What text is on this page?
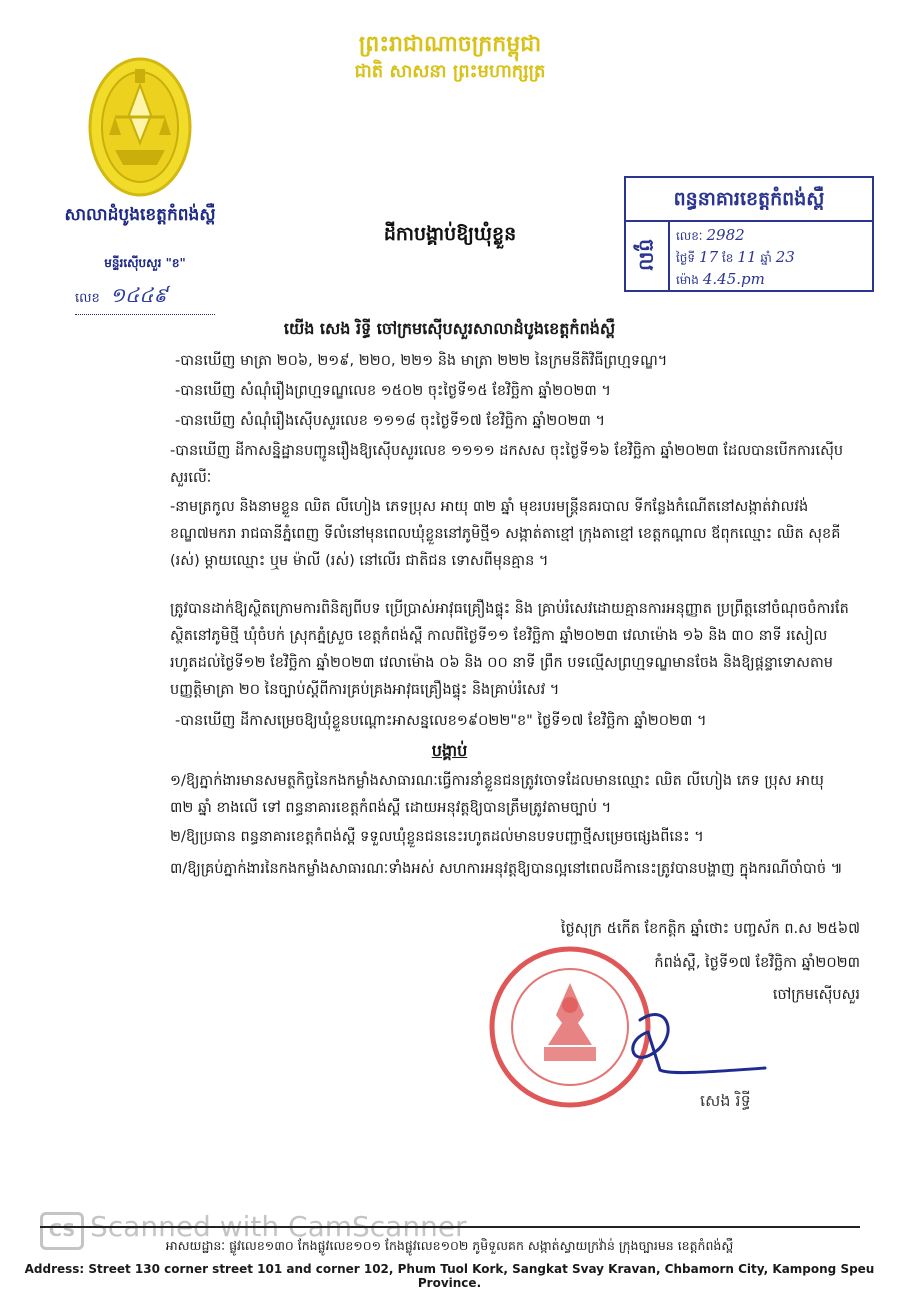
ព្រះរាជាណាចក្រកម្ពុជា
ជាតិ សាសនា ព្រះមហាក្សត្រ
សាលាដំបូងខេត្តកំពង់ស្ពឺ
មន្ទីរស៊ើបសួរ "ខ"
លេខ ១៤៤៩
ដីកាបង្គាប់ឱ្យឃុំខ្លួន
ពន្ធនាគារខេត្តកំពង់ស្ពឺ
ចូល
លេខៈ 2982
ថ្ងៃទី 17 ខែ 11 ឆ្នាំ 23
ម៉ោង 4.45.pm
យើង សេង រិទ្ធី ចៅក្រមស៊ើបសួរសាលាដំបូងខេត្តកំពង់ស្ពឺ
-បានឃើញ មាត្រា ២០៦, ២១៩, ២២០, ២២១ និង មាត្រា ២២២ នៃក្រមនីតិវិធីព្រហ្មទណ្ឌ។
-បានឃើញ សំណុំរឿងព្រហ្មទណ្ឌលេខ ១៥០២ ចុះថ្ងៃទី១៥ ខែវិច្ឆិកា ឆ្នាំ២០២៣ ។
-បានឃើញ សំណុំរឿងស៊ើបសួរលេខ ១១១៨ ចុះថ្ងៃទី១៧ ខែវិច្ឆិកា ឆ្នាំ២០២៣ ។
-បានឃើញ ដីកាសន្និដ្ឋានបញ្ជូនរឿងឱ្យស៊ើបសួរលេខ ១១១១ ដកសស ចុះថ្ងៃទី១៦ ខែវិច្ឆិកា ឆ្នាំ២០២៣ ដែលបានបើកការស៊ើបសួរលើៈ
-នាមត្រកូល និងនាមខ្លួន ឈិត លីហៀង ភេទប្រុស អាយុ ៣២ ឆ្នាំ មុខរបរមន្ត្រីនគរបាល ទីកន្លែងកំណើតនៅសង្កាត់វាលវង់ ខណ្ឌ៧មករា រាជធានីភ្នំពេញ ទីលំនៅមុនពេលឃុំខ្លួននៅភូមិថ្មី១ សង្កាត់តាខ្មៅ ក្រុងតាខ្មៅ ខេត្តកណ្ដាល ឪពុកឈ្មោះ ឈិត សុខគី (រស់) ម្ដាយឈ្មោះ ឬម ម៉ាលី (រស់) នៅលើរ ជាតិជន ទោសពីមុនគ្មាន ។
ត្រូវបានដាក់ឱ្យស្ថិតក្រោមការពិនិត្យពីបទ ប្រើប្រាស់អាវុធគ្រឿងផ្ទុះ និង គ្រាប់រំសេវដោយគ្មានការអនុញ្ញាត ប្រព្រឹត្តនៅចំណុចចំការតែ ស្ថិតនៅភូមិថ្មី ឃុំចំបក់ ស្រុកភ្នំស្រួច ខេត្តកំពង់ស្ពឺ កាលពីថ្ងៃទី១១ ខែវិច្ឆិកា ឆ្នាំ២០២៣ វេលាម៉ោង ១៦ និង ៣០ នាទី រសៀល រហូតដល់ថ្ងៃទី១២ ខែវិច្ឆិកា ឆ្នាំ២០២៣ វេលាម៉ោង ០៦ និង ០០ នាទី ព្រឹក បទល្មើសព្រហ្មទណ្ឌមានចែង និងឱ្យផ្ដន្ទាទោសតាមបញ្ញត្តិមាត្រា ២០ នៃច្បាប់ស្ដីពីការគ្រប់គ្រងអាវុធគ្រឿងផ្ទុះ និងគ្រាប់រំសេវ ។
-បានឃើញ ដីកាសម្រេចឱ្យឃុំខ្លួនបណ្ដោះអាសន្នលេខ១៩០២២"ខ" ថ្ងៃទី១៧ ខែវិច្ឆិកា ឆ្នាំ២០២៣ ។
បង្គាប់
១/ឱ្យភ្នាក់ងារមានសមត្ថកិច្ចនៃកងកម្លាំងសាធារណៈធ្វើការនាំខ្លួនជនត្រូវចោទដែលមានឈ្មោះ ឈិត លីហៀង ភេទ ប្រុស អាយុ ៣២ ឆ្នាំ ខាងលើ ទៅ ពន្ធនាគារខេត្តកំពង់ស្ពឺ ដោយអនុវត្តឱ្យបានត្រឹមត្រូវតាមច្បាប់ ។
២/ឱ្យប្រធាន ពន្ធនាគារខេត្តកំពង់ស្ពឺ ទទួលឃុំខ្លួនជននេះរហូតដល់មានបទបញ្ជាថ្មីសម្រេចផ្សេងពីនេះ ។
៣/ឱ្យគ្រប់ភ្នាក់ងារនៃកងកម្លាំងសាធារណៈទាំងអស់ សហការអនុវត្តឱ្យបានល្អនៅពេលដីកានេះត្រូវបានបង្ហាញ ក្នុងករណីចាំបាច់ ៕
ថ្ងៃសុក្រ ៥កើត ខែកត្តិក ឆ្នាំថោះ បញ្ចស័ក ព.ស ២៥៦៧
កំពង់ស្ពឺ, ថ្ងៃទី១៧ ខែវិច្ឆិកា ឆ្នាំ២០២៣
ចៅក្រមស៊ើបសួរ
សេង រិទ្ធី
CS Scanned with CamScanner
អាសយដ្ឋានៈ ផ្លូវលេខ១៣០ កែងផ្លូវលេខ១០១ កែងផ្លូវលេខ១០២ ភូមិទួលគក សង្កាត់ស្វាយក្រវ៉ាន់ ក្រុងច្បារមន ខេត្តកំពង់ស្ពឺ
Address: Street 130 corner street 101 and corner 102, Phum Tuol Kork, Sangkat Svay Kravan, Chbamorn City, Kampong Speu Province.
